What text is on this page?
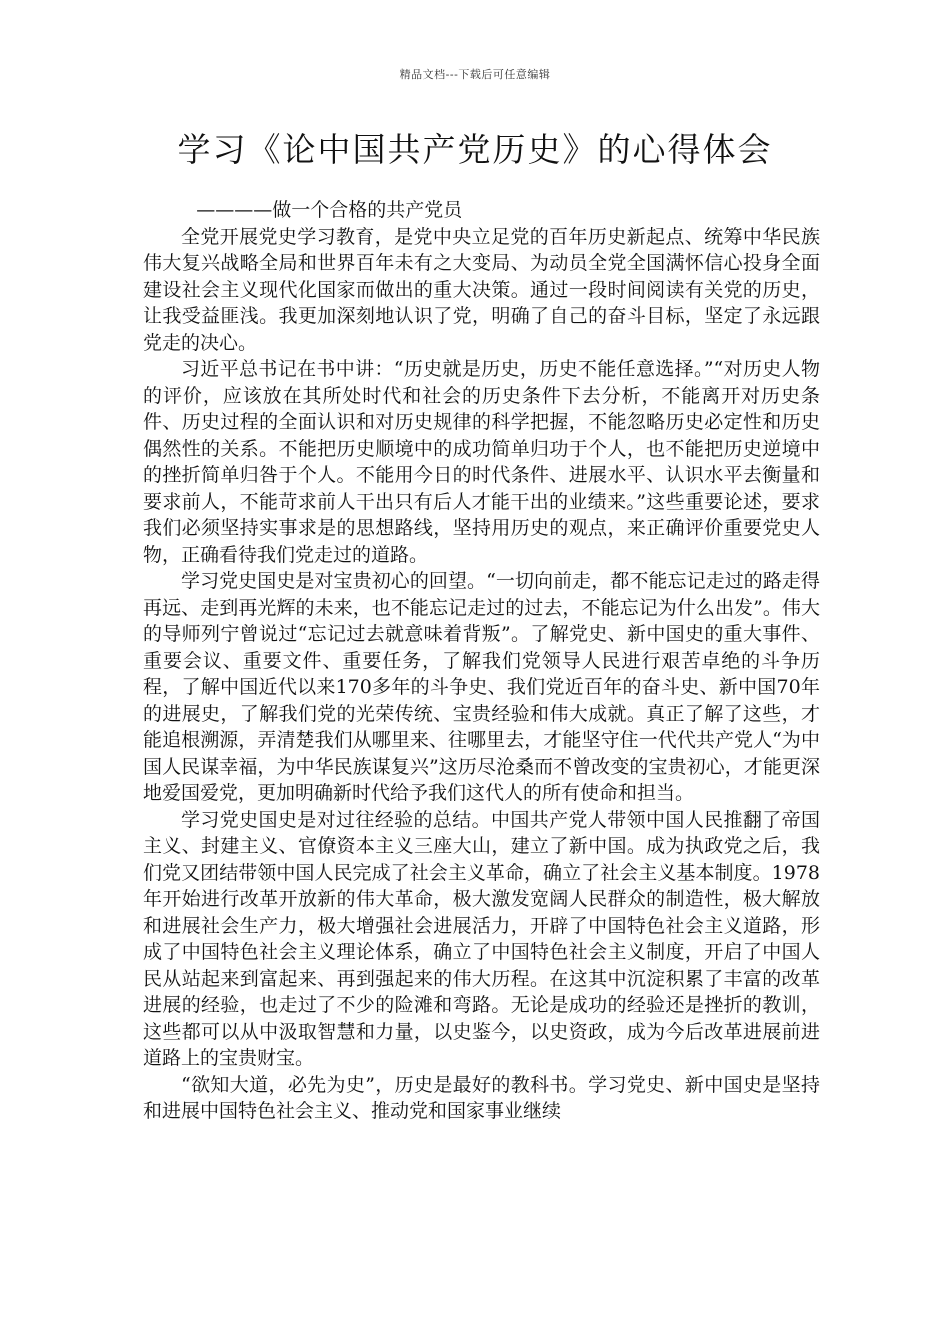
精品文档---下载后可任意编辑
学习《论中国共产党历史》的心得体会

————做一个合格的共产党员

全党开展党史学习教育，是党中央立足党的百年历史新起点、统筹中华民族伟大复兴战略全局和世界百年未有之大变局、为动员全党全国满怀信心投身全面建设社会主义现代化国家而做出的重大决策。通过一段时间阅读有关党的历史，让我受益匪浅。我更加深刻地认识了党，明确了自己的奋斗目标，坚定了永远跟党走的决心。

习近平总书记在书中讲：“历史就是历史，历史不能任意选择。”“对历史人物的评价，应该放在其所处时代和社会的历史条件下去分析，不能离开对历史条件、历史过程的全面认识和对历史规律的科学把握，不能忽略历史必定性和历史偶然性的关系。不能把历史顺境中的成功简单归功于个人，也不能把历史逆境中的挫折简单归咎于个人。不能用今日的时代条件、进展水平、认识水平去衡量和要求前人，不能苛求前人干出只有后人才能干出的业绩来。”这些重要论述，要求我们必须坚持实事求是的思想路线，坚持用历史的观点，来正确评价重要党史人物，正确看待我们党走过的道路。

学习党史国史是对宝贵初心的回望。“一切向前走，都不能忘记走过的路走得再远、走到再光辉的未来，也不能忘记走过的过去，不能忘记为什么出发”。伟大的导师列宁曾说过“忘记过去就意味着背叛”。了解党史、新中国史的重大事件、重要会议、重要文件、重要任务，了解我们党领导人民进行艰苦卓绝的斗争历程，了解中国近代以来170多年的斗争史、我们党近百年的奋斗史、新中国70年的进展史，了解我们党的光荣传统、宝贵经验和伟大成就。真正了解了这些，才能追根溯源，弄清楚我们从哪里来、往哪里去，才能坚守住一代代共产党人“为中国人民谋幸福，为中华民族谋复兴”这历尽沧桑而不曾改变的宝贵初心，才能更深地爱国爱党，更加明确新时代给予我们这代人的所有使命和担当。

学习党史国史是对过往经验的总结。中国共产党人带领中国人民推翻了帝国主义、封建主义、官僚资本主义三座大山，建立了新中国。成为执政党之后，我们党又团结带领中国人民完成了社会主义革命，确立了社会主义基本制度。1978年开始进行改革开放新的伟大革命，极大激发宽阔人民群众的制造性，极大解放和进展社会生产力，极大增强社会进展活力，开辟了中国特色社会主义道路，形成了中国特色社会主义理论体系，确立了中国特色社会主义制度，开启了中国人民从站起来到富起来、再到强起来的伟大历程。在这其中沉淀积累了丰富的改革进展的经验，也走过了不少的险滩和弯路。无论是成功的经验还是挫折的教训，这些都可以从中汲取智慧和力量，以史鉴今，以史资政，成为今后改革进展前进道路上的宝贵财宝。

“欲知大道，必先为史”，历史是最好的教科书。学习党史、新中国史是坚持和进展中国特色社会主义、推动党和国家事业继续
